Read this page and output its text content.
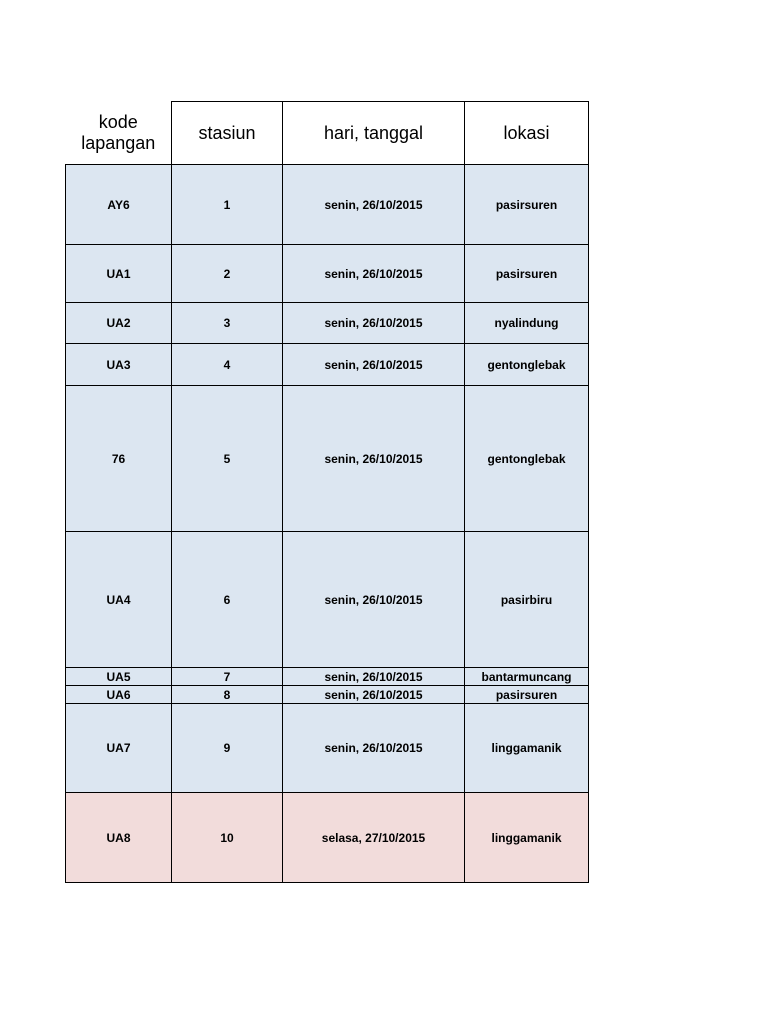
kode lapangan	stasiun	hari, tanggal	lokasi
AY6	1	senin, 26/10/2015	pasirsuren
UA1	2	senin, 26/10/2015	pasirsuren
UA2	3	senin, 26/10/2015	nyalindung
UA3	4	senin, 26/10/2015	gentonglebak
76	5	senin, 26/10/2015	gentonglebak
UA4	6	senin, 26/10/2015	pasirbiru
UA5	7	senin, 26/10/2015	bantarmuncang
UA6	8	senin, 26/10/2015	pasirsuren
UA7	9	senin, 26/10/2015	linggamanik
UA8	10	selasa, 27/10/2015	linggamanik
